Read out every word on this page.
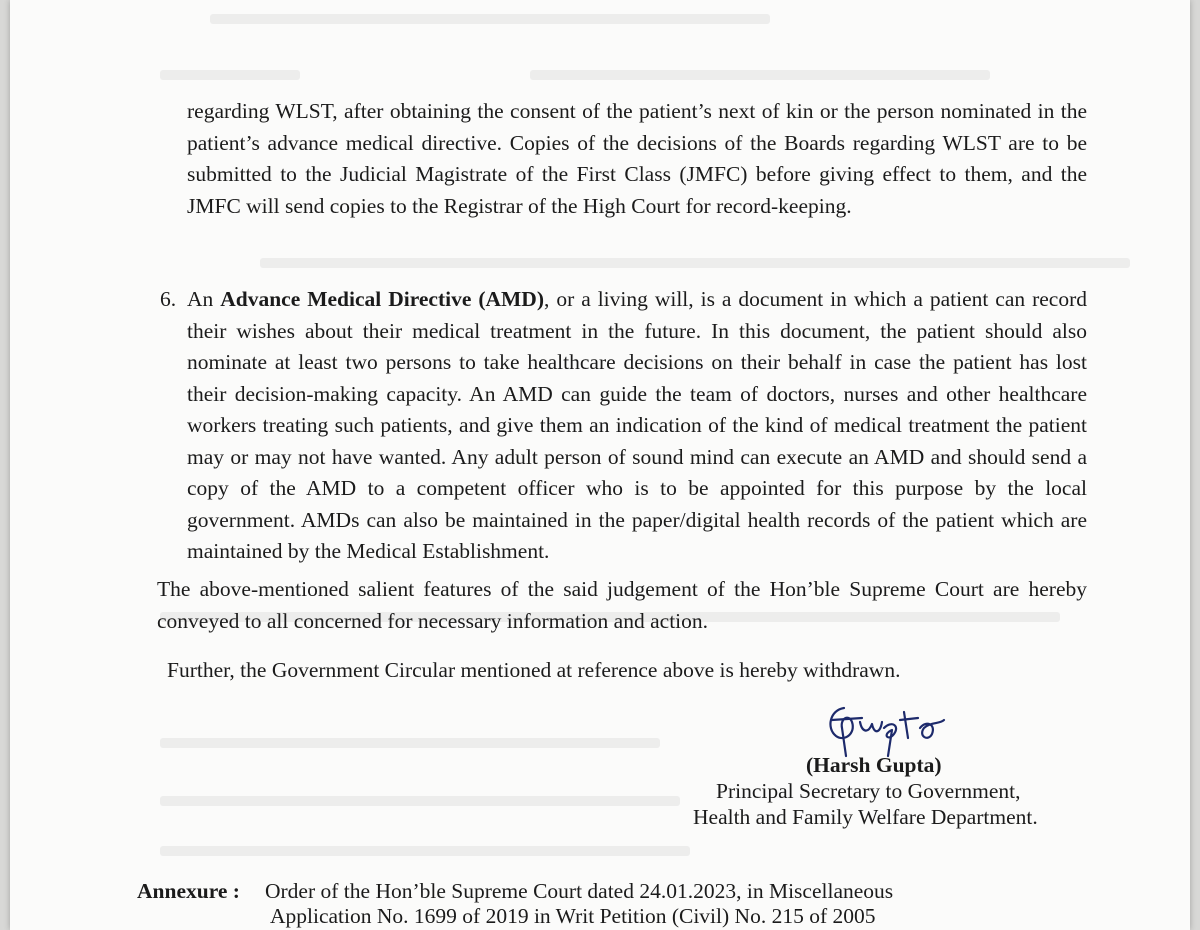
regarding WLST, after obtaining the consent of the patient’s next of kin or the person nominated in the patient’s advance medical directive. Copies of the decisions of the Boards regarding WLST are to be submitted to the Judicial Magistrate of the First Class (JMFC) before giving effect to them, and the JMFC will send copies to the Registrar of the High Court for record-keeping.

6. An Advance Medical Directive (AMD), or a living will, is a document in which a patient can record their wishes about their medical treatment in the future. In this document, the patient should also nominate at least two persons to take healthcare decisions on their behalf in case the patient has lost their decision-making capacity. An AMD can guide the team of doctors, nurses and other healthcare workers treating such patients, and give them an indication of the kind of medical treatment the patient may or may not have wanted. Any adult person of sound mind can execute an AMD and should send a copy of the AMD to a competent officer who is to be appointed for this purpose by the local government. AMDs can also be maintained in the paper/digital health records of the patient which are maintained by the Medical Establishment.

The above-mentioned salient features of the said judgement of the Hon’ble Supreme Court are hereby conveyed to all concerned for necessary information and action.

Further, the Government Circular mentioned at reference above is hereby withdrawn.

(Harsh Gupta)
Principal Secretary to Government,
Health and Family Welfare Department.
Annexure : Order of the Hon’ble Supreme Court dated 24.01.2023, in Miscellaneous
Application No. 1699 of 2019 in Writ Petition (Civil) No. 215 of 2005
